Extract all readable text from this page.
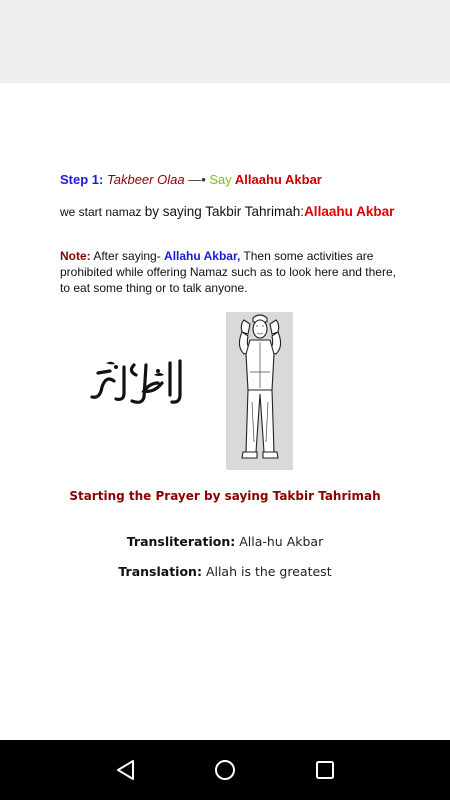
Step 1: Takbeer Olaa —• Say Allaahu Akbar
we start namaz by saying Takbir Tahrimah:Allaahu Akbar
Note: After saying- Allahu Akbar, Then some activities are prohibited while offering Namaz such as to look here and there, to eat some thing or to talk anyone.
Starting the Prayer by saying Takbir Tahrimah
Transliteration: Alla-hu Akbar
Translation: Allah is the greatest
